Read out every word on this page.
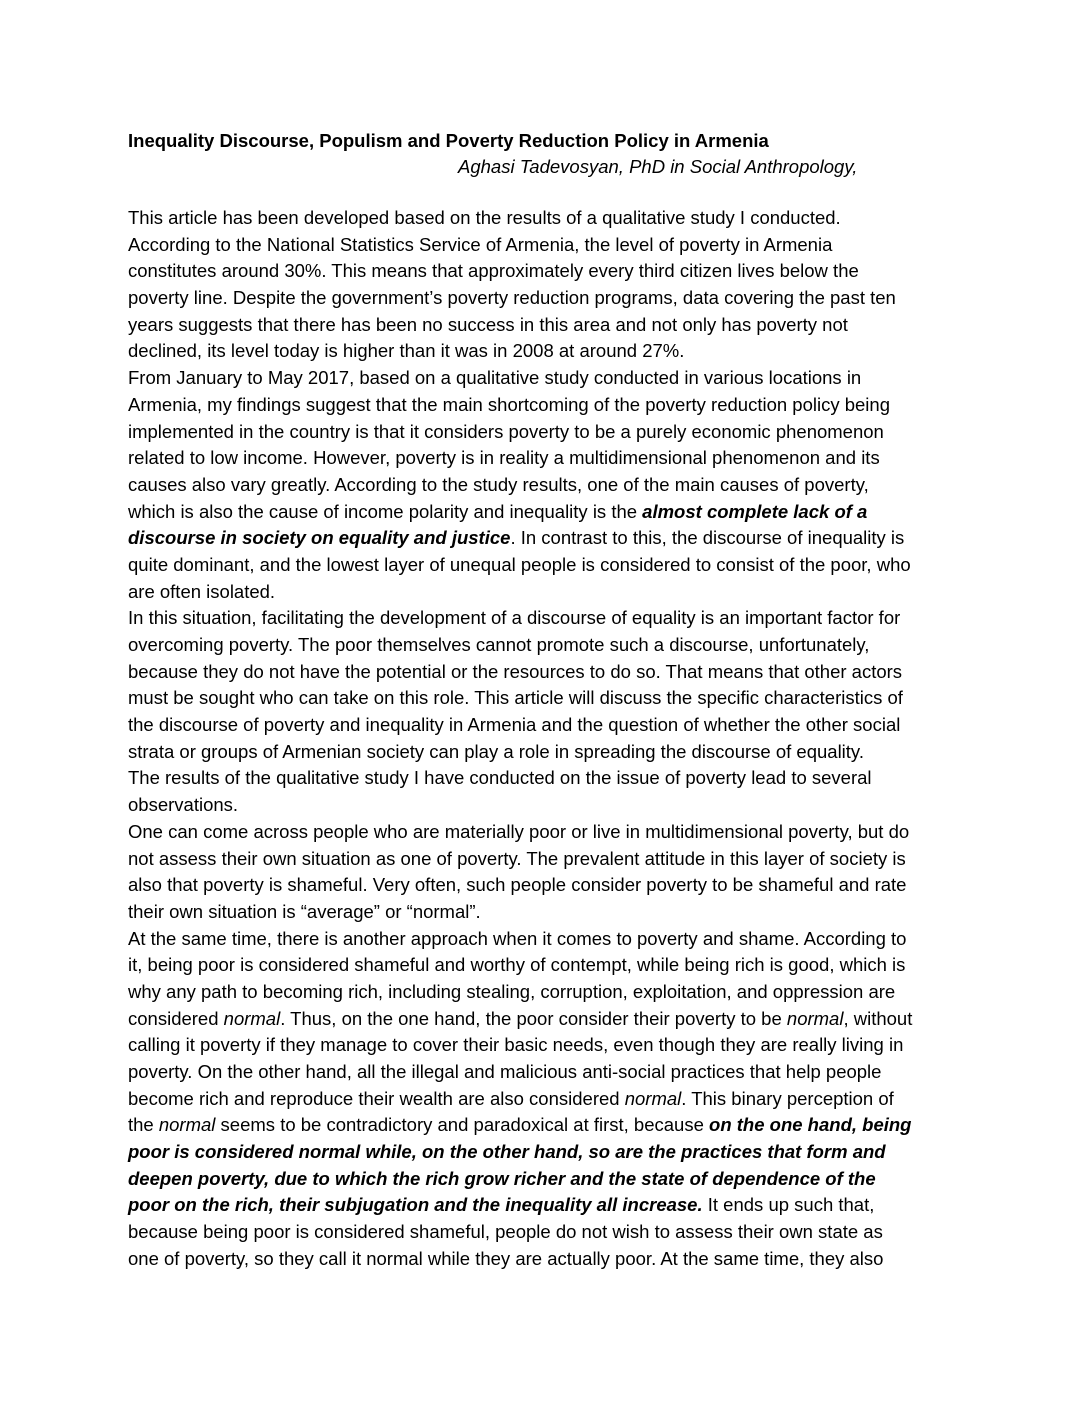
Inequality Discourse, Populism and Poverty Reduction Policy in Armenia
Aghasi Tadevosyan, PhD in Social Anthropology,
This article has been developed based on the results of a qualitative study I conducted.
According to the National Statistics Service of Armenia, the level of poverty in Armenia
constitutes around 30%. This means that approximately every third citizen lives below the
poverty line. Despite the government’s poverty reduction programs, data covering the past ten
years suggests that there has been no success in this area and not only has poverty not
declined, its level today is higher than it was in 2008 at around 27%.
From January to May 2017, based on a qualitative study conducted in various locations in
Armenia, my findings suggest that the main shortcoming of the poverty reduction policy being
implemented in the country is that it considers poverty to be a purely economic phenomenon
related to low income. However, poverty is in reality a multidimensional phenomenon and its
causes also vary greatly. According to the study results, one of the main causes of poverty,
which is also the cause of income polarity and inequality is the almost complete lack of a
discourse in society on equality and justice. In contrast to this, the discourse of inequality is
quite dominant, and the lowest layer of unequal people is considered to consist of the poor, who
are often isolated.
In this situation, facilitating the development of a discourse of equality is an important factor for
overcoming poverty. The poor themselves cannot promote such a discourse, unfortunately,
because they do not have the potential or the resources to do so. That means that other actors
must be sought who can take on this role. This article will discuss the specific characteristics of
the discourse of poverty and inequality in Armenia and the question of whether the other social
strata or groups of Armenian society can play a role in spreading the discourse of equality.
The results of the qualitative study I have conducted on the issue of poverty lead to several
observations.
One can come across people who are materially poor or live in multidimensional poverty, but do
not assess their own situation as one of poverty. The prevalent attitude in this layer of society is
also that poverty is shameful. Very often, such people consider poverty to be shameful and rate
their own situation is “average” or “normal”.
At the same time, there is another approach when it comes to poverty and shame. According to
it, being poor is considered shameful and worthy of contempt, while being rich is good, which is
why any path to becoming rich, including stealing, corruption, exploitation, and oppression are
considered normal. Thus, on the one hand, the poor consider their poverty to be normal, without
calling it poverty if they manage to cover their basic needs, even though they are really living in
poverty. On the other hand, all the illegal and malicious anti-social practices that help people
become rich and reproduce their wealth are also considered normal. This binary perception of
the normal seems to be contradictory and paradoxical at first, because on the one hand, being
poor is considered normal while, on the other hand, so are the practices that form and
deepen poverty, due to which the rich grow richer and the state of dependence of the
poor on the rich, their subjugation and the inequality all increase. It ends up such that,
because being poor is considered shameful, people do not wish to assess their own state as
one of poverty, so they call it normal while they are actually poor. At the same time, they also
